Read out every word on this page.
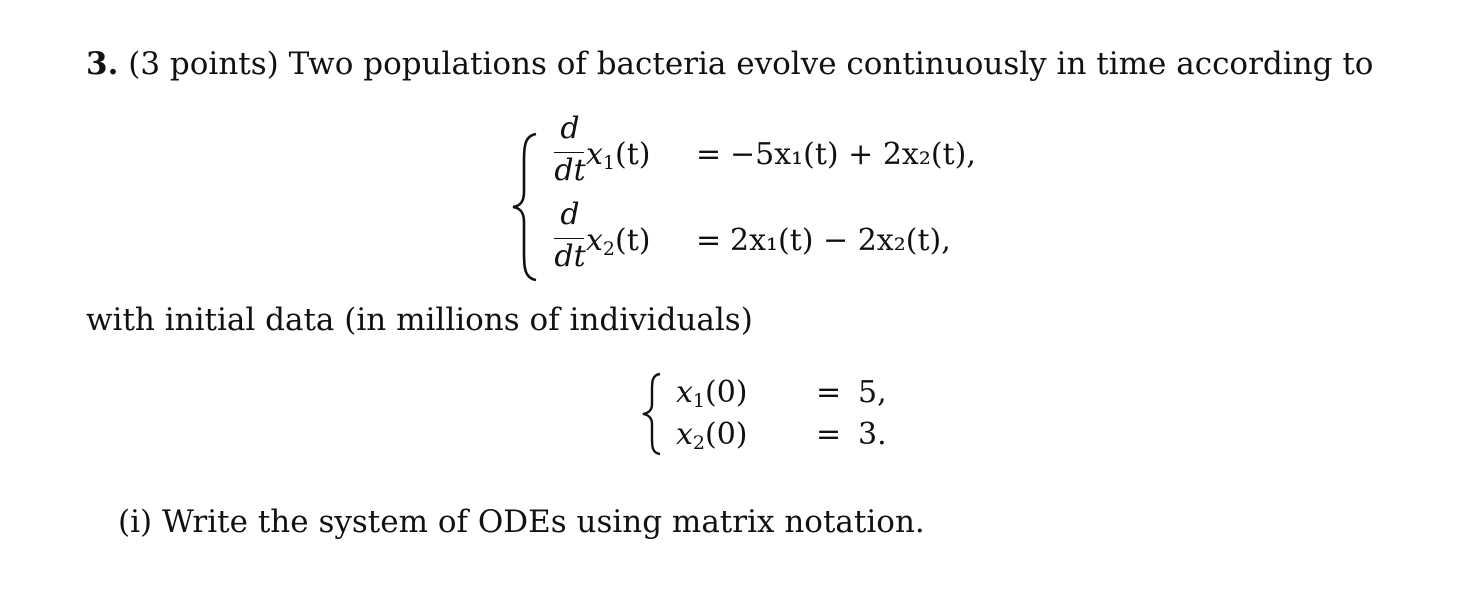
3. (3 points) Two populations of bacteria evolve continuously in time according to
d
dt $x_1(t) = -5x_1(t) + 2x_2(t)$,
d
dt $x_2(t) = 2x_1(t) - 2x_2(t)$,
with initial data (in millions of individuals)
$x_1(0) = 5$,
$x_2(0) = 3$.
(i) Write the system of ODEs using matrix notation.
